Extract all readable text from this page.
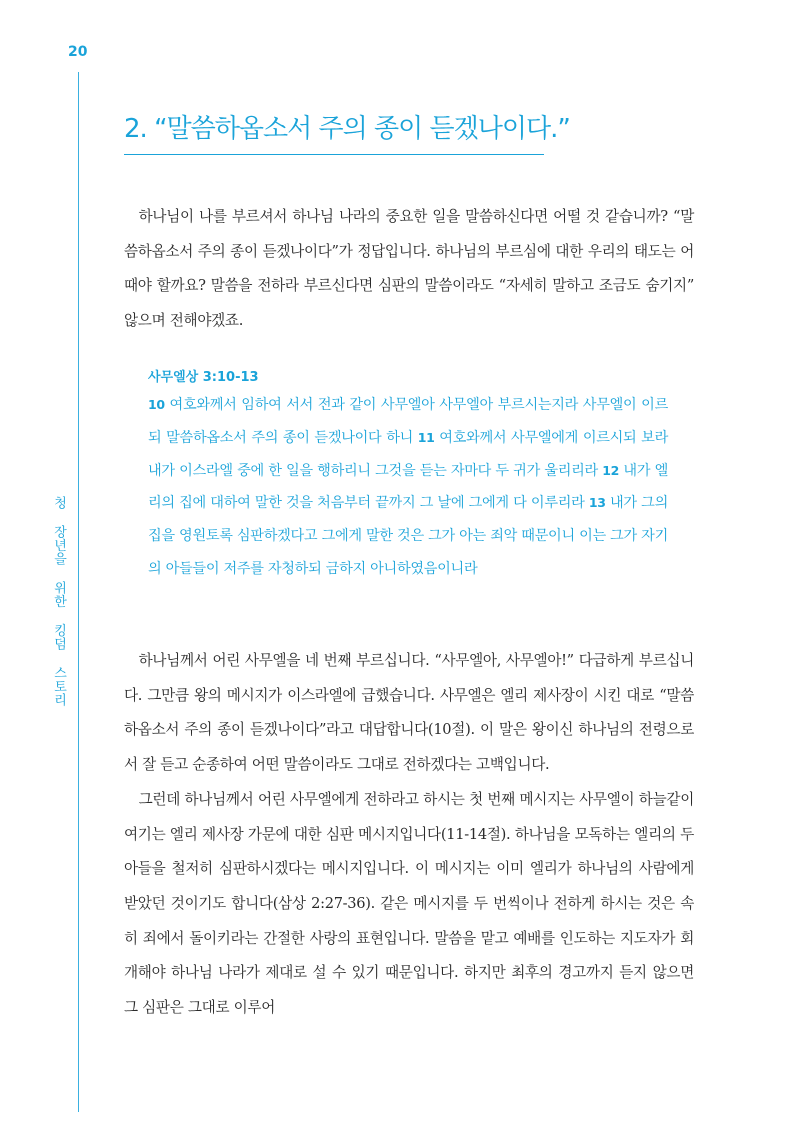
20
청 장년을 위한 킹덤 스토리
2. “말씀하옵소서 주의 종이 듣겠나이다.”

하나님이 나를 부르셔서 하나님 나라의 중요한 일을 말씀하신다면 어떨 것 같습니까? “말씀하옵소서 주의 종이 듣겠나이다”가 정답입니다. 하나님의 부르심에 대한 우리의 태도는 어때야 할까요? 말씀을 전하라 부르신다면 심판의 말씀이라도 “자세히 말하고 조금도 숨기지” 않으며 전해야겠죠.

사무엘상 3:10-13

10 여호와께서 임하여 서서 전과 같이 사무엘아 사무엘아 부르시는지라 사무엘이 이르되 말씀하옵소서 주의 종이 듣겠나이다 하니 11 여호와께서 사무엘에게 이르시되 보라 내가 이스라엘 중에 한 일을 행하리니 그것을 듣는 자마다 두 귀가 울리리라 12 내가 엘리의 집에 대하여 말한 것을 처음부터 끝까지 그 날에 그에게 다 이루리라 13 내가 그의 집을 영원토록 심판하겠다고 그에게 말한 것은 그가 아는 죄악 때문이니 이는 그가 자기의 아들들이 저주를 자청하되 금하지 아니하였음이니라

하나님께서 어린 사무엘을 네 번째 부르십니다. “사무엘아, 사무엘아!” 다급하게 부르십니다. 그만큼 왕의 메시지가 이스라엘에 급했습니다. 사무엘은 엘리 제사장이 시킨 대로 “말씀하옵소서 주의 종이 듣겠나이다”라고 대답합니다(10절). 이 말은 왕이신 하나님의 전령으로서 잘 듣고 순종하여 어떤 말씀이라도 그대로 전하겠다는 고백입니다.

그런데 하나님께서 어린 사무엘에게 전하라고 하시는 첫 번째 메시지는 사무엘이 하늘같이 여기는 엘리 제사장 가문에 대한 심판 메시지입니다(11-14절). 하나님을 모독하는 엘리의 두 아들을 철저히 심판하시겠다는 메시지입니다. 이 메시지는 이미 엘리가 하나님의 사람에게 받았던 것이기도 합니다(삼상 2:27-36). 같은 메시지를 두 번씩이나 전하게 하시는 것은 속히 죄에서 돌이키라는 간절한 사랑의 표현입니다. 말씀을 맡고 예배를 인도하는 지도자가 회개해야 하나님 나라가 제대로 설 수 있기 때문입니다. 하지만 최후의 경고까지 듣지 않으면 그 심판은 그대로 이루어
